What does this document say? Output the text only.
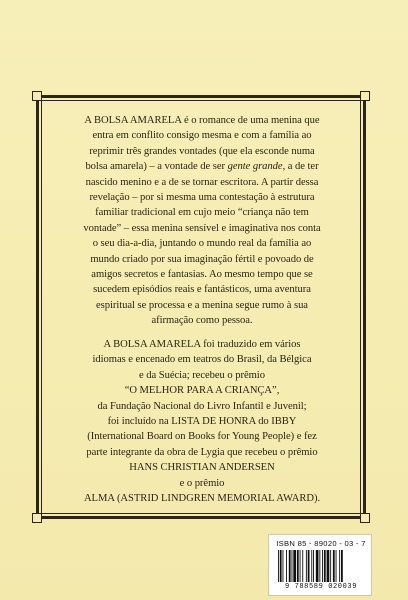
A BOLSA AMARELA é o romance de uma menina que
entra em conflito consigo mesma e com a família ao
reprimir três grandes vontades (que ela esconde numa
bolsa amarela) – a vontade de ser gente grande, a de ter
nascido menino e a de se tornar escritora. A partir dessa
revelação – por si mesma uma contestação à estrutura
familiar tradicional em cujo meio “criança não tem
vontade” – essa menina sensível e imaginativa nos conta
o seu dia-a-dia, juntando o mundo real da família ao
mundo criado por sua imaginação fértil e povoado de
amigos secretos e fantasias. Ao mesmo tempo que se
sucedem episódios reais e fantásticos, uma aventura
espiritual se processa e a menina segue rumo à sua
afirmação como pessoa.
A BOLSA AMARELA foi traduzido em vários
idiomas e encenado em teatros do Brasil, da Bélgica
e da Suécia; recebeu o prêmio
“O MELHOR PARA A CRIANÇA”,
da Fundação Nacional do Livro Infantil e Juvenil;
foi incluído na LISTA DE HONRA do IBBY
(International Board on Books for Young People) e fez
parte integrante da obra de Lygia que recebeu o prêmio
HANS CHRISTIAN ANDERSEN
e o prêmio
ALMA (ASTRID LINDGREN MEMORIAL AWARD).
ISBN 85 - 89020 - 03 - 7
9 788589 020039
